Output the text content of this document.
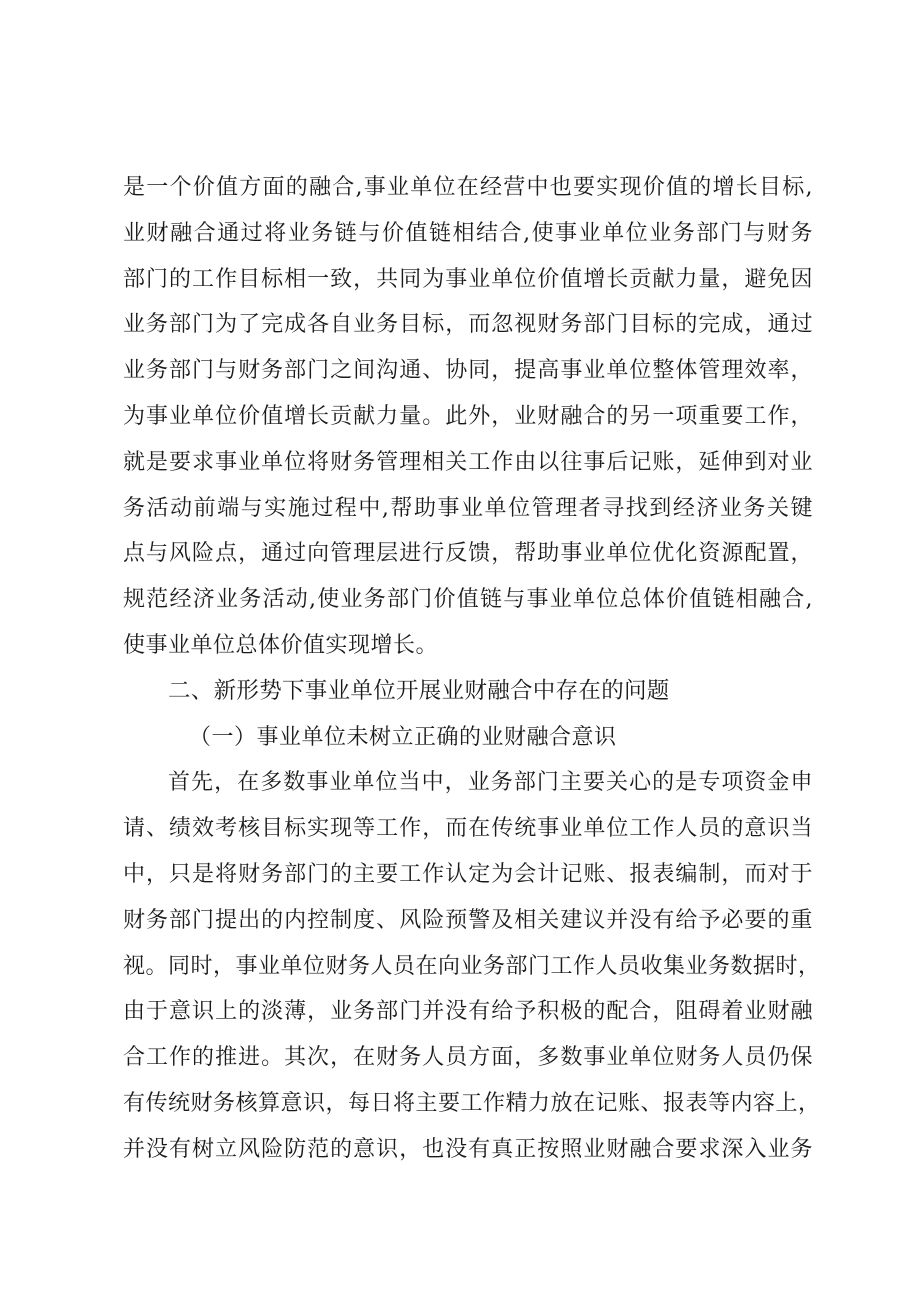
是一个价值方面的融合,事业单位在经营中也要实现价值的增长目标,
业财融合通过将业务链与价值链相结合,使事业单位业务部门与财务
部门的工作目标相一致，共同为事业单位价值增长贡献力量，避免因
业务部门为了完成各自业务目标，而忽视财务部门目标的完成，通过
业务部门与财务部门之间沟通、协同，提高事业单位整体管理效率，
为事业单位价值增长贡献力量。此外，业财融合的另一项重要工作，
就是要求事业单位将财务管理相关工作由以往事后记账，延伸到对业
务活动前端与实施过程中,帮助事业单位管理者寻找到经济业务关键
点与风险点，通过向管理层进行反馈，帮助事业单位优化资源配置，
规范经济业务活动,使业务部门价值链与事业单位总体价值链相融合,
使事业单位总体价值实现增长。
二、新形势下事业单位开展业财融合中存在的问题
（一）事业单位未树立正确的业财融合意识
首先，在多数事业单位当中，业务部门主要关心的是专项资金申
请、绩效考核目标实现等工作，而在传统事业单位工作人员的意识当
中，只是将财务部门的主要工作认定为会计记账、报表编制，而对于
财务部门提出的内控制度、风险预警及相关建议并没有给予必要的重
视。同时，事业单位财务人员在向业务部门工作人员收集业务数据时，
由于意识上的淡薄，业务部门并没有给予积极的配合，阻碍着业财融
合工作的推进。其次，在财务人员方面，多数事业单位财务人员仍保
有传统财务核算意识，每日将主要工作精力放在记账、报表等内容上，
并没有树立风险防范的意识，也没有真正按照业财融合要求深入业务
